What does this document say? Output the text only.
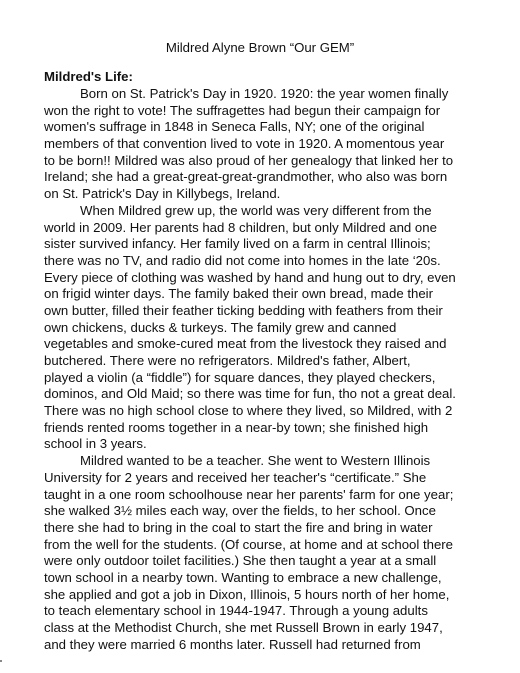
Mildred Alyne Brown “Our GEM”
Mildred's Life:
Born on St. Patrick's Day in 1920. 1920: the year women finally
won the right to vote! The suffragettes had begun their campaign for
women's suffrage in 1848 in Seneca Falls, NY; one of the original
members of that convention lived to vote in 1920. A momentous year
to be born!! Mildred was also proud of her genealogy that linked her to
Ireland; she had a great-great-great-grandmother, who also was born
on St. Patrick's Day in Killybegs, Ireland.
When Mildred grew up, the world was very different from the
world in 2009. Her parents had 8 children, but only Mildred and one
sister survived infancy. Her family lived on a farm in central Illinois;
there was no TV, and radio did not come into homes in the late ‘20s.
Every piece of clothing was washed by hand and hung out to dry, even
on frigid winter days. The family baked their own bread, made their
own butter, filled their feather ticking bedding with feathers from their
own chickens, ducks & turkeys. The family grew and canned
vegetables and smoke-cured meat from the livestock they raised and
butchered. There were no refrigerators. Mildred's father, Albert,
played a violin (a “fiddle”) for square dances, they played checkers,
dominos, and Old Maid; so there was time for fun, tho not a great deal.
There was no high school close to where they lived, so Mildred, with 2
friends rented rooms together in a near-by town; she finished high
school in 3 years.
Mildred wanted to be a teacher. She went to Western Illinois
University for 2 years and received her teacher's “certificate.” She
taught in a one room schoolhouse near her parents' farm for one year;
she walked 3½ miles each way, over the fields, to her school. Once
there she had to bring in the coal to start the fire and bring in water
from the well for the students. (Of course, at home and at school there
were only outdoor toilet facilities.) She then taught a year at a small
town school in a nearby town. Wanting to embrace a new challenge,
she applied and got a job in Dixon, Illinois, 5 hours north of her home,
to teach elementary school in 1944-1947. Through a young adults
class at the Methodist Church, she met Russell Brown in early 1947,
and they were married 6 months later. Russell had returned from
